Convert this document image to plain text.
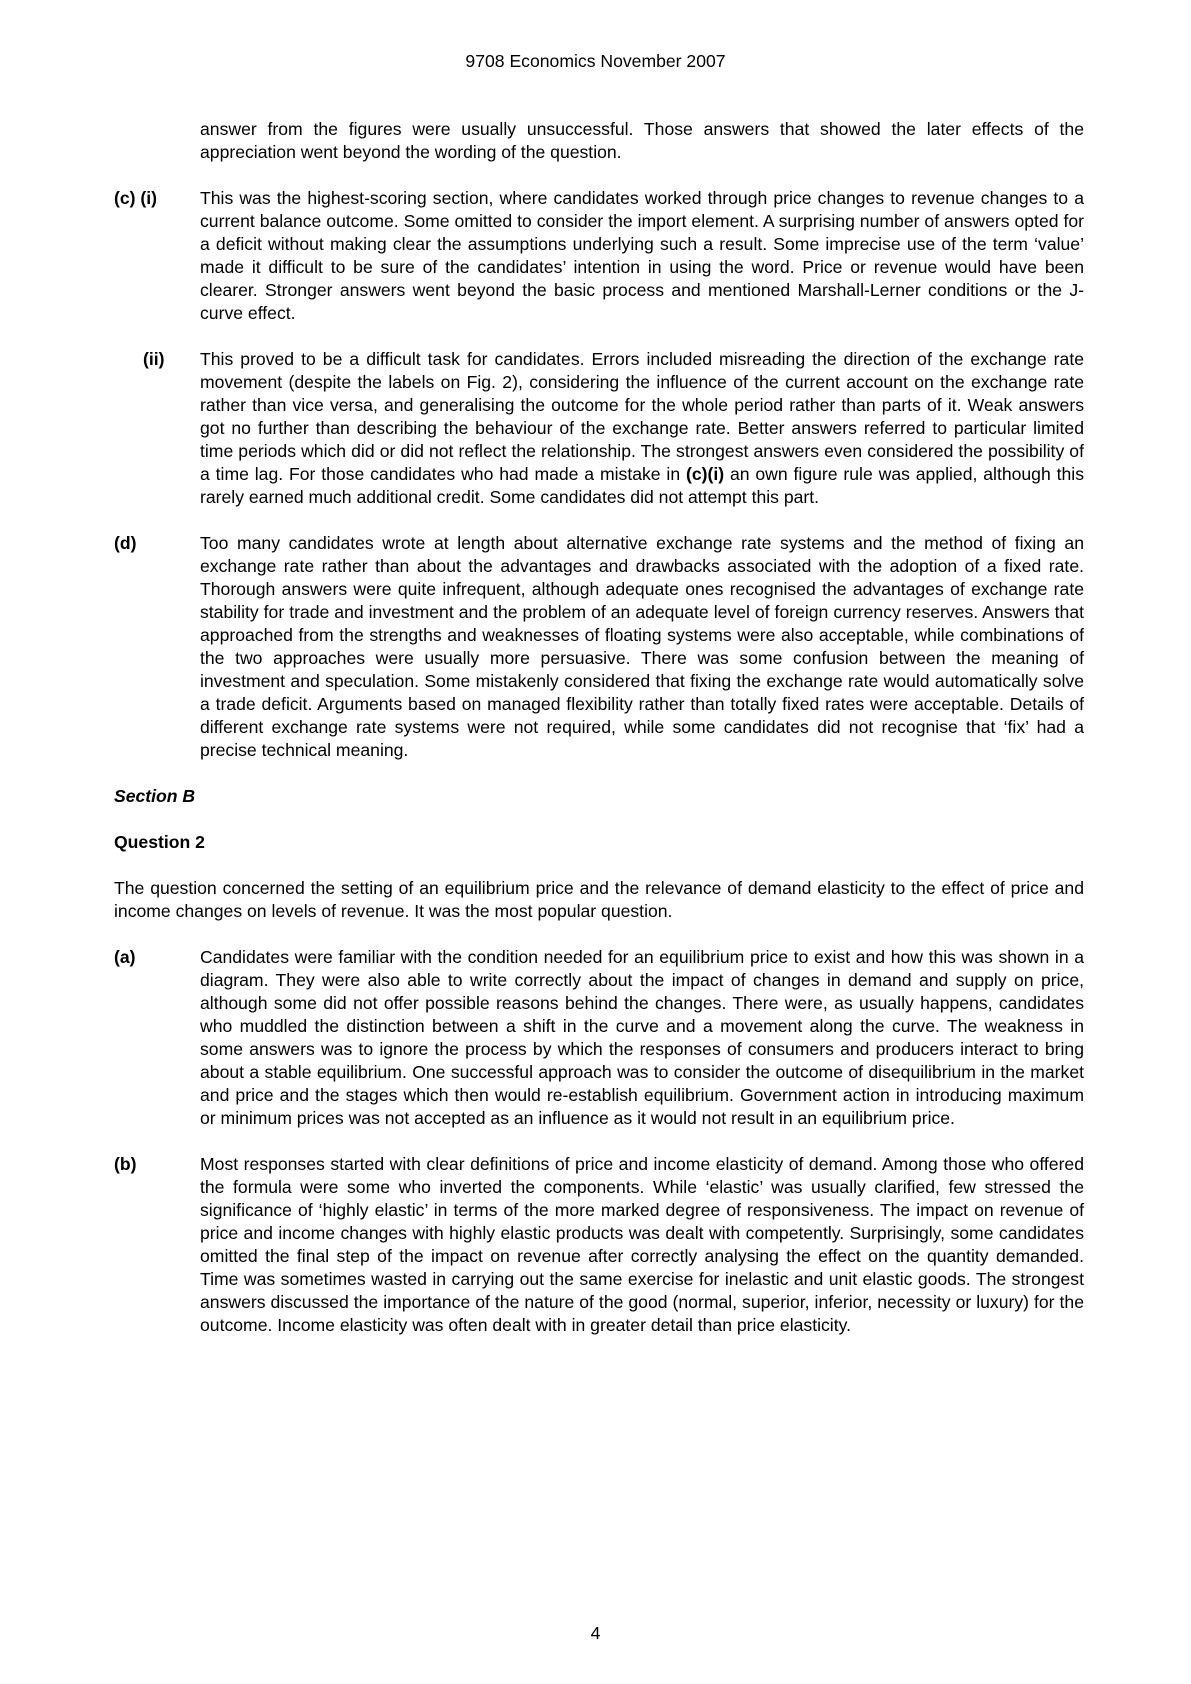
9708 Economics November 2007
answer from the figures were usually unsuccessful. Those answers that showed the later effects of the appreciation went beyond the wording of the question.
(c) (i) This was the highest-scoring section, where candidates worked through price changes to revenue changes to a current balance outcome. Some omitted to consider the import element. A surprising number of answers opted for a deficit without making clear the assumptions underlying such a result. Some imprecise use of the term ‘value’ made it difficult to be sure of the candidates’ intention in using the word. Price or revenue would have been clearer. Stronger answers went beyond the basic process and mentioned Marshall-Lerner conditions or the J-curve effect.
(ii) This proved to be a difficult task for candidates. Errors included misreading the direction of the exchange rate movement (despite the labels on Fig. 2), considering the influence of the current account on the exchange rate rather than vice versa, and generalising the outcome for the whole period rather than parts of it. Weak answers got no further than describing the behaviour of the exchange rate. Better answers referred to particular limited time periods which did or did not reflect the relationship. The strongest answers even considered the possibility of a time lag. For those candidates who had made a mistake in (c)(i) an own figure rule was applied, although this rarely earned much additional credit. Some candidates did not attempt this part.
(d)	Too many candidates wrote at length about alternative exchange rate systems and the method of fixing an exchange rate rather than about the advantages and drawbacks associated with the adoption of a fixed rate. Thorough answers were quite infrequent, although adequate ones recognised the advantages of exchange rate stability for trade and investment and the problem of an adequate level of foreign currency reserves. Answers that approached from the strengths and weaknesses of floating systems were also acceptable, while combinations of the two approaches were usually more persuasive. There was some confusion between the meaning of investment and speculation. Some mistakenly considered that fixing the exchange rate would automatically solve a trade deficit. Arguments based on managed flexibility rather than totally fixed rates were acceptable. Details of different exchange rate systems were not required, while some candidates did not recognise that ‘fix’ had a precise technical meaning.
Section B
Question 2
The question concerned the setting of an equilibrium price and the relevance of demand elasticity to the effect of price and income changes on levels of revenue. It was the most popular question.
(a)	Candidates were familiar with the condition needed for an equilibrium price to exist and how this was shown in a diagram. They were also able to write correctly about the impact of changes in demand and supply on price, although some did not offer possible reasons behind the changes. There were, as usually happens, candidates who muddled the distinction between a shift in the curve and a movement along the curve. The weakness in some answers was to ignore the process by which the responses of consumers and producers interact to bring about a stable equilibrium. One successful approach was to consider the outcome of disequilibrium in the market and price and the stages which then would re-establish equilibrium. Government action in introducing maximum or minimum prices was not accepted as an influence as it would not result in an equilibrium price.
(b)	Most responses started with clear definitions of price and income elasticity of demand. Among those who offered the formula were some who inverted the components. While ‘elastic’ was usually clarified, few stressed the significance of ‘highly elastic’ in terms of the more marked degree of responsiveness. The impact on revenue of price and income changes with highly elastic products was dealt with competently. Surprisingly, some candidates omitted the final step of the impact on revenue after correctly analysing the effect on the quantity demanded. Time was sometimes wasted in carrying out the same exercise for inelastic and unit elastic goods. The strongest answers discussed the importance of the nature of the good (normal, superior, inferior, necessity or luxury) for the outcome. Income elasticity was often dealt with in greater detail than price elasticity.
4
